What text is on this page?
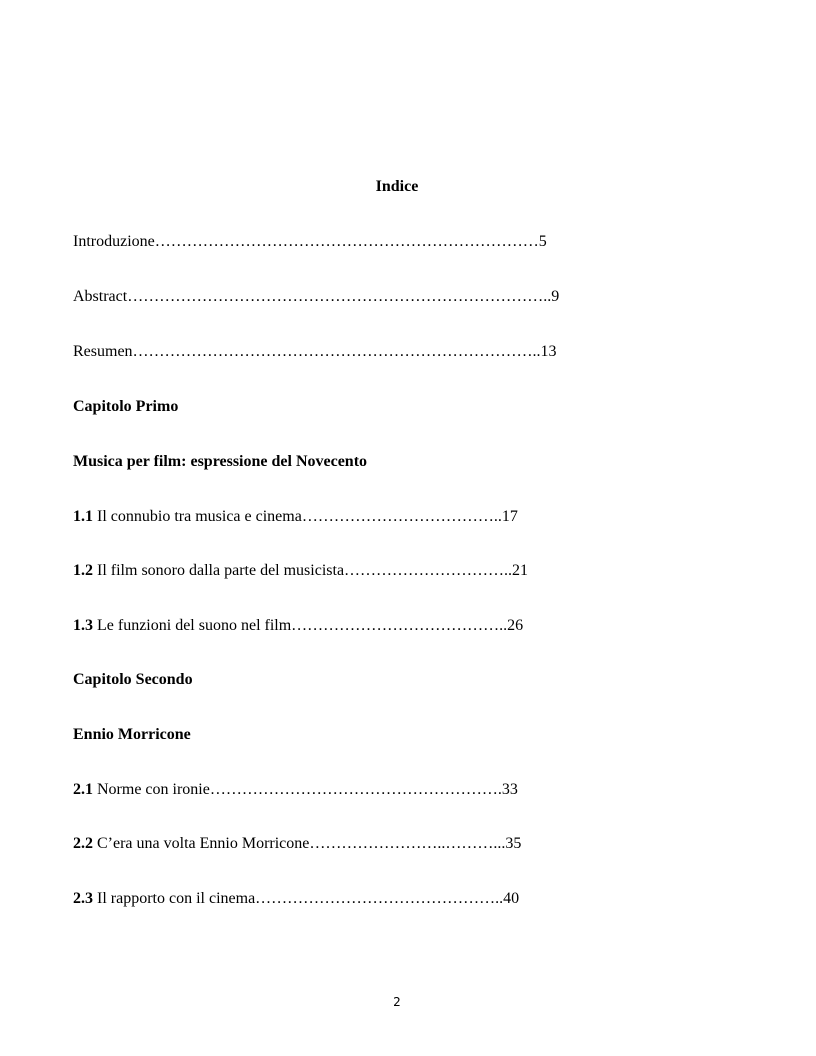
Indice
Introduzione………………………………………………………………5
Abstract……………………………………………………………………..9
Resumen…………………………………………………………………..13
Capitolo Primo
Musica per film: espressione del Novecento
1.1 Il connubio tra musica e cinema………………………………..17
1.2 Il film sonoro dalla parte del musicista…………………………..21
1.3 Le funzioni del suono nel film…………………………………..26
Capitolo Secondo
Ennio Morricone
2.1 Norme con ironie……………………………………………….33
2.2 C’era una volta Ennio Morricone……………………..………...35
2.3 Il rapporto con il cinema………………………………………..40
2
